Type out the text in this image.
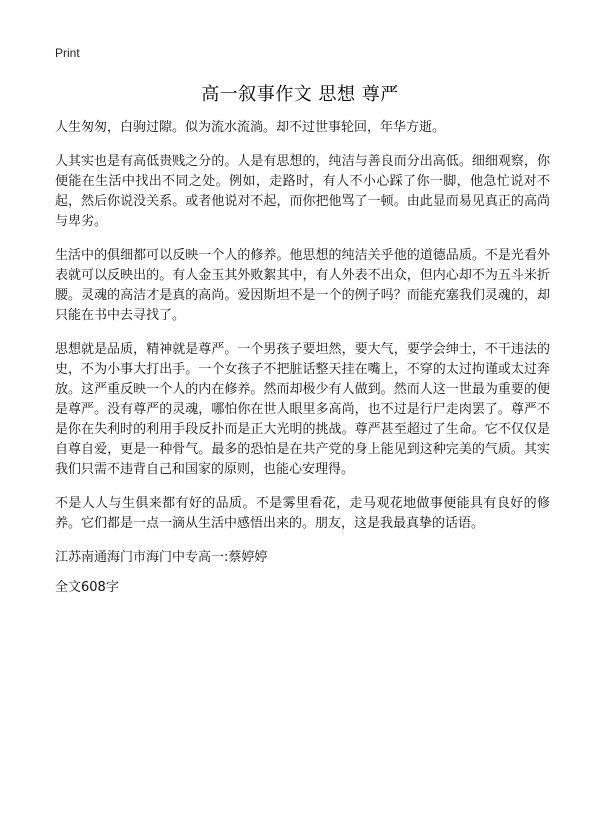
Print
高一叙事作文 思想 尊严

人生匆匆，白驹过隙。似为流水流淌。却不过世事轮回，年华方逝。

人其实也是有高低贵贱之分的。人是有思想的，纯洁与善良而分出高低。细细观察，你便能在生活中找出不同之处。例如，走路时，有人不小心踩了你一脚，他急忙说对不起，然后你说没关系。或者他说对不起，而你把他骂了一顿。由此显而易见真正的高尚与卑劣。

生活中的俱细都可以反映一个人的修养。他思想的纯洁关乎他的道德品质。不是光看外表就可以反映出的。有人金玉其外败絮其中，有人外表不出众，但内心却不为五斗米折腰。灵魂的高洁才是真的高尚。爱因斯坦不是一个的例子吗？而能充塞我们灵魂的，却只能在书中去寻找了。

思想就是品质，精神就是尊严。一个男孩子要坦然，要大气，要学会绅士，不干违法的史，不为小事大打出手。一个女孩子不把脏话整天挂在嘴上，不穿的太过拘谨或太过奔放。这严重反映一个人的内在修养。然而却极少有人做到。然而人这一世最为重要的便是尊严。没有尊严的灵魂，哪怕你在世人眼里多高尚，也不过是行尸走肉罢了。尊严不是你在失利时的利用手段反扑而是正大光明的挑战。尊严甚至超过了生命。它不仅仅是自尊自爱，更是一种骨气。最多的恐怕是在共产党的身上能见到这种完美的气质。其实我们只需不违背自己和国家的原则，也能心安理得。

不是人人与生俱来都有好的品质。不是雾里看花，走马观花地做事便能具有良好的修养。它们都是一点一滴从生活中感悟出来的。朋友，这是我最真挚的话语。

江苏南通海门市海门中专高一:蔡婷婷

全文608字
